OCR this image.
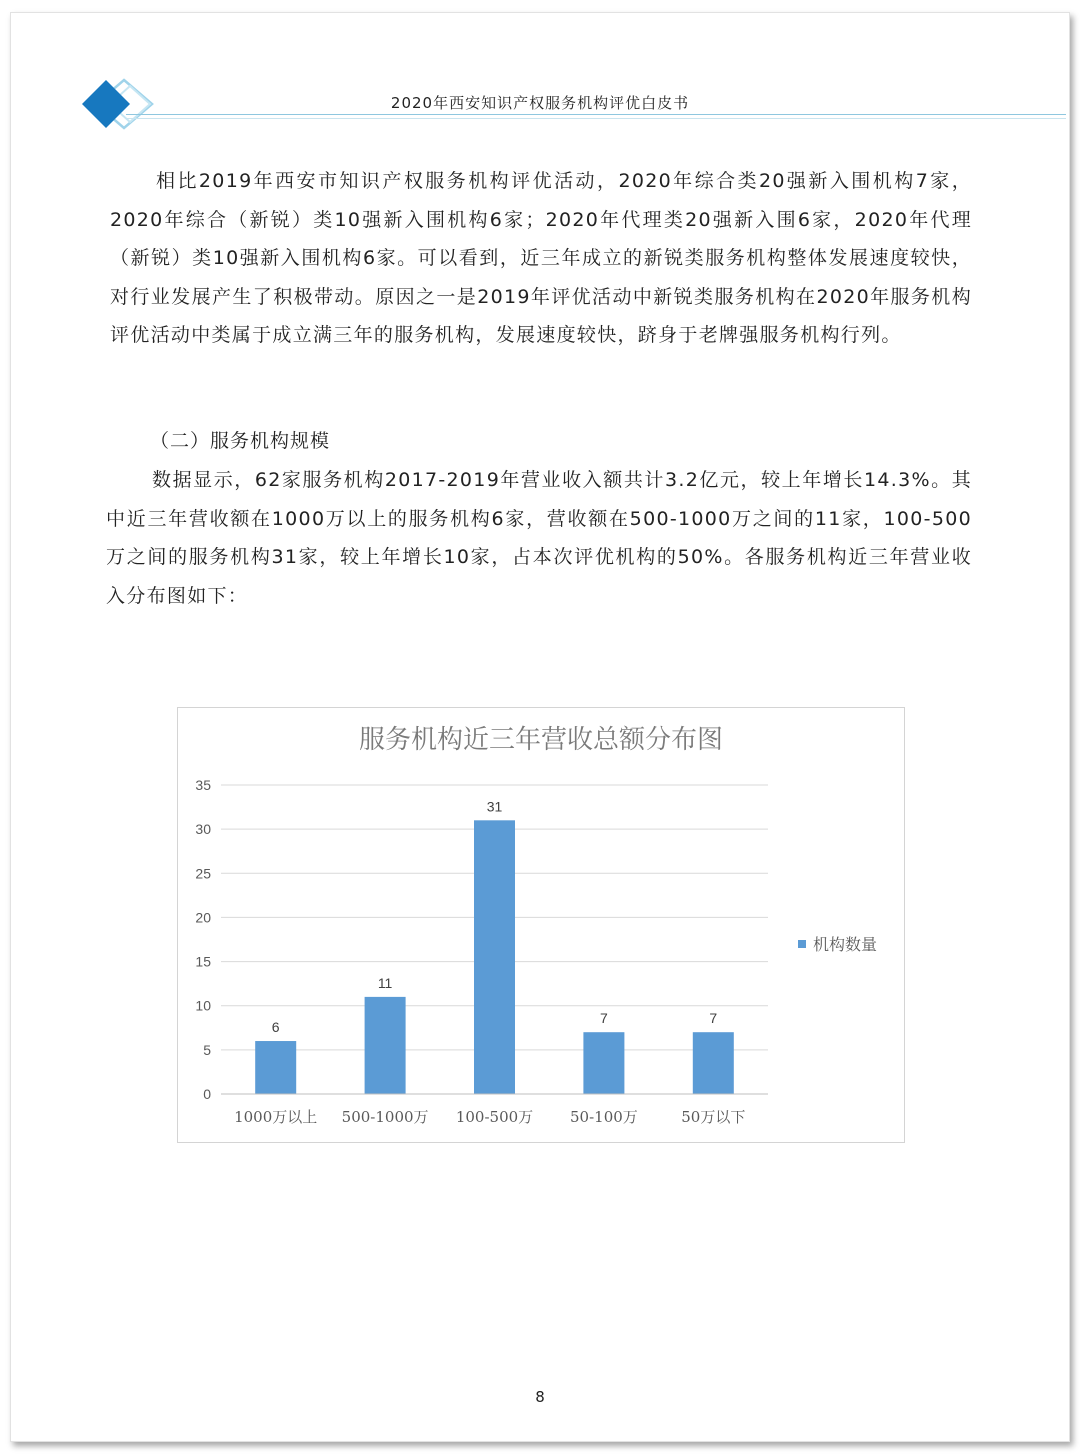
2020年西安知识产权服务机构评优白皮书

相比2019年西安市知识产权服务机构评优活动，2020年综合类20强新入围机构7家，2020年综合（新锐）类10强新入围机构6家；2020年代理类20强新入围6家，2020年代理（新锐）类10强新入围机构6家。可以看到，近三年成立的新锐类服务机构整体发展速度较快，对行业发展产生了积极带动。原因之一是2019年评优活动中新锐类服务机构在2020年服务机构评优活动中类属于成立满三年的服务机构，发展速度较快，跻身于老牌强服务机构行列。

（二）服务机构规模

数据显示，62家服务机构2017-2019年营业收入额共计3.2亿元，较上年增长14.3%。其中近三年营收额在1000万以上的服务机构6家，营收额在500-1000万之间的11家，100-500万之间的服务机构31家，较上年增长10家，占本次评优机构的50%。各服务机构近三年营业收入分布图如下：

服务机构近三年营收总额分布图
0
5
10
15
20
25
30
35
6
1000万以上
11
500-1000万
31
100-500万
7
50-100万
7
50万以下
机构数量
8
